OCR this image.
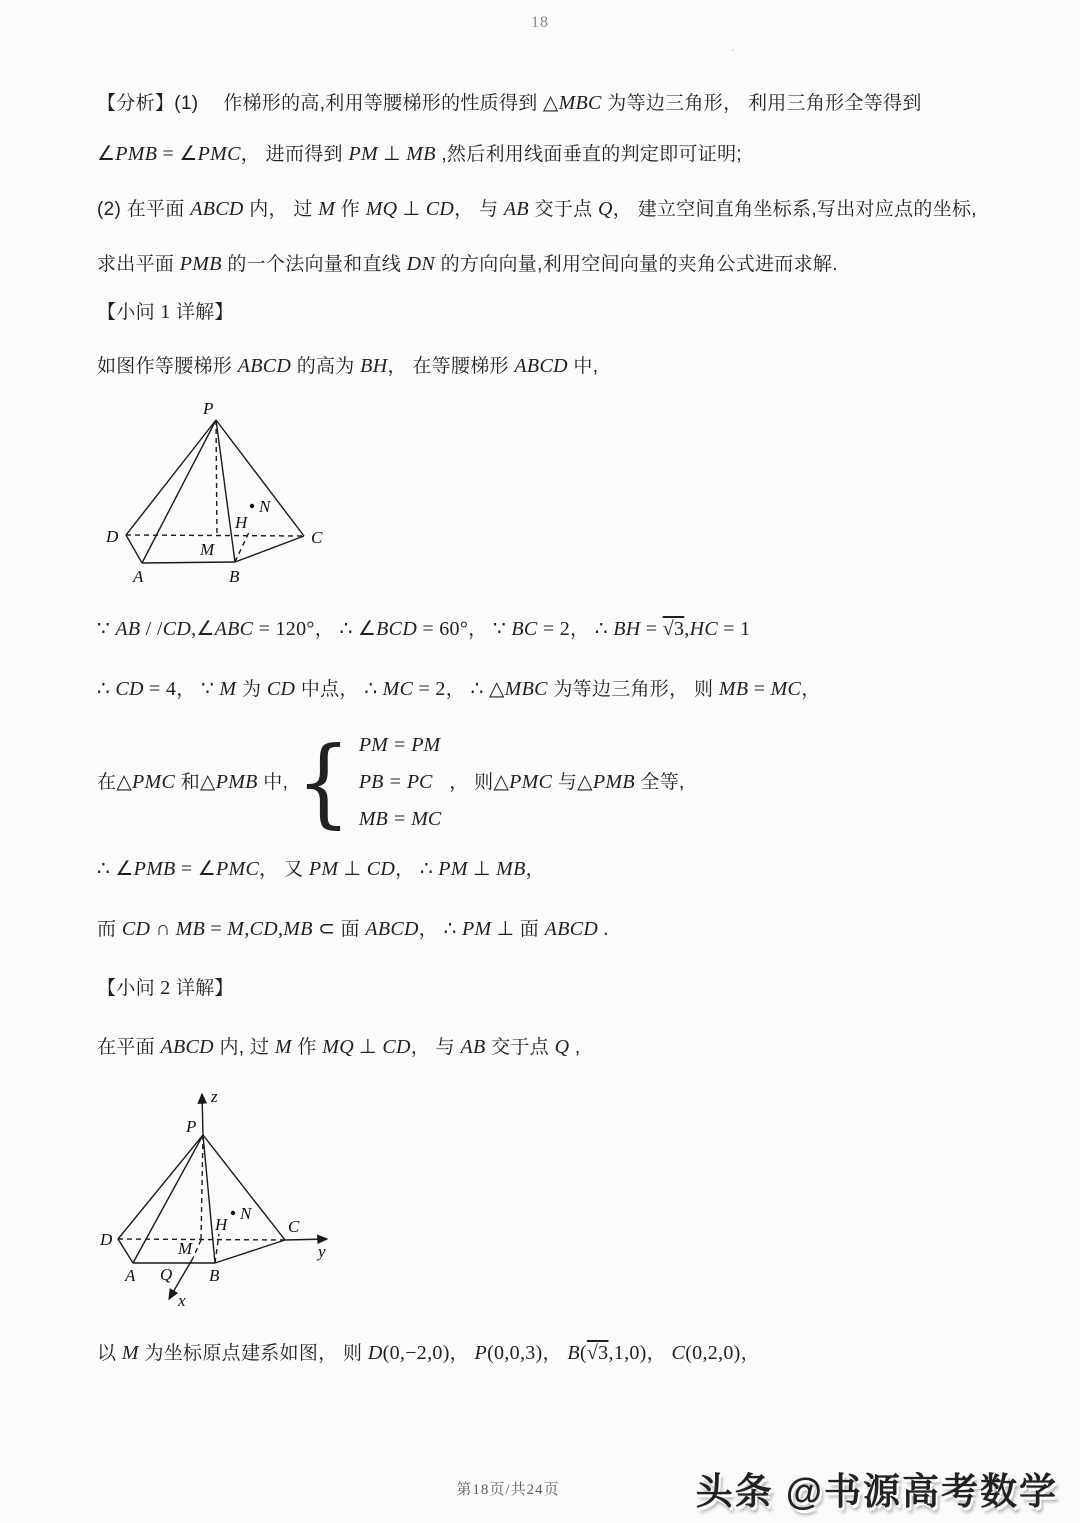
18
.
【分析】(1)　 作梯形的高,利用等腰梯形的性质得到 △MBC 为等边三角形， 利用三角形全等得到
∠PMB = ∠PMC， 进而得到 PM ⊥ MB ,然后利用线面垂直的判定即可证明;
(2) 在平面 ABCD 内， 过 M 作 MQ ⊥ CD， 与 AB 交于点 Q， 建立空间直角坐标系,写出对应点的坐标,
求出平面 PMB 的一个法向量和直线 DN 的方向向量,利用空间向量的夹角公式进而求解.
【小问 1 详解】
如图作等腰梯形 ABCD 的高为 BH， 在等腰梯形 ABCD 中,
P
D	C
A	B
M
H
N
∵ AB / /CD,∠ABC = 120°， ∴ ∠BCD = 60°， ∵ BC = 2， ∴ BH = √ 3,HC = 1
∴ CD = 4， ∵ M 为 CD 中点， ∴ MC = 2， ∴ △MBC 为等边三角形， 则 MB = MC，
在△PMC 和△PMB 中, { PM = PM
PB = PC
MB = MC
， 则△PMC 与△PMB 全等,
∴ ∠PMB = ∠PMC， 又 PM ⊥ CD， ∴ PM ⊥ MB，
而 CD ∩ MB = M,CD,MB ⊂ 面 ABCD， ∴ PM ⊥ 面 ABCD .
【小问 2 详解】
在平面 ABCD 内, 过 M 作 MQ ⊥ CD， 与 AB 交于点 Q ,
P
D
C
A	B
M
H
N
Q
z
y
x
以 M 为坐标原点建系如图， 则 D(0,−2,0)， P(0,0,3)， B( √ 3,1,0)， C(0,2,0)，
第18页/共24页	头条 @书源高考数学
